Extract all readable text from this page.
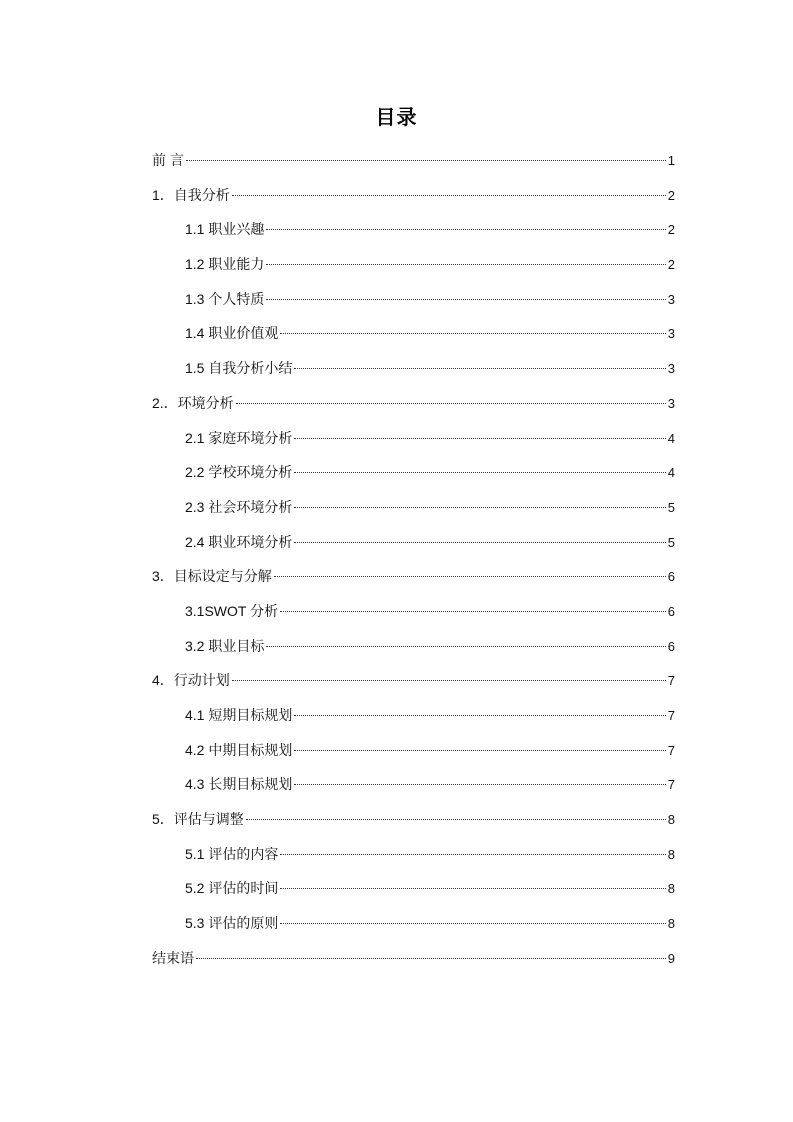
目录
前 言	1
1．自我分析	2
1.1 职业兴趣	2
1.2 职业能力	2
1.3 个人特质	3
1.4 职业价值观	3
1.5 自我分析小结	3
2.．环境分析	3
2.1 家庭环境分析	4
2.2 学校环境分析	4
2.3 社会环境分析	5
2.4 职业环境分析	5
3．目标设定与分解	6
3.1SWOT 分析	6
3.2 职业目标	6
4．行动计划	7
4.1 短期目标规划	7
4.2 中期目标规划	7
4.3 长期目标规划	7
5．评估与调整	8
5.1 评估的内容	8
5.2 评估的时间	8
5.3 评估的原则	8
结束语	9
